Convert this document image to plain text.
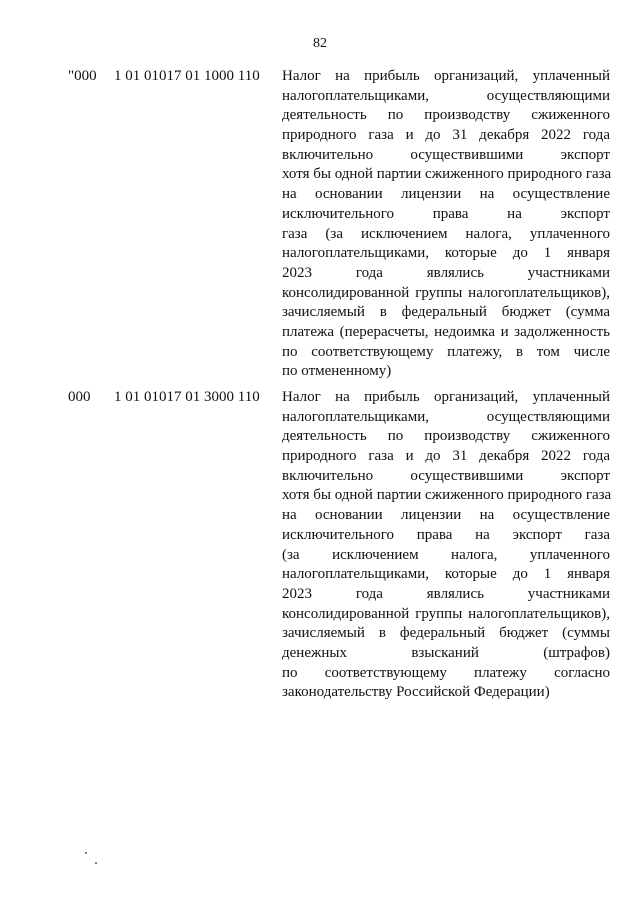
82
"000 1 01 01017 01 1000 110 Налог на прибыль организаций, уплаченный
налогоплательщиками, осуществляющими
деятельность по производству сжиженного
природного газа и до 31 декабря 2022 года
включительно осуществившими экспорт
хотя бы одной партии сжиженного природного газа
на основании лицензии на осуществление
исключительного права на экспорт
газа (за исключением налога, уплаченного
налогоплательщиками, которые до 1 января
2023 года являлись участниками
консолидированной группы налогоплательщиков),
зачисляемый в федеральный бюджет (сумма
платежа (перерасчеты, недоимка и задолженность
по соответствующему платежу, в том числе
по отмененному)
000 1 01 01017 01 3000 110 Налог на прибыль организаций, уплаченный
налогоплательщиками, осуществляющими
деятельность по производству сжиженного
природного газа и до 31 декабря 2022 года
включительно осуществившими экспорт
хотя бы одной партии сжиженного природного газа
на основании лицензии на осуществление
исключительного права на экспорт газа
(за исключением налога, уплаченного
налогоплательщиками, которые до 1 января
2023 года являлись участниками
консолидированной группы налогоплательщиков),
зачисляемый в федеральный бюджет (суммы
денежных взысканий (штрафов)
по соответствующему платежу согласно
законодательству Российской Федерации)
